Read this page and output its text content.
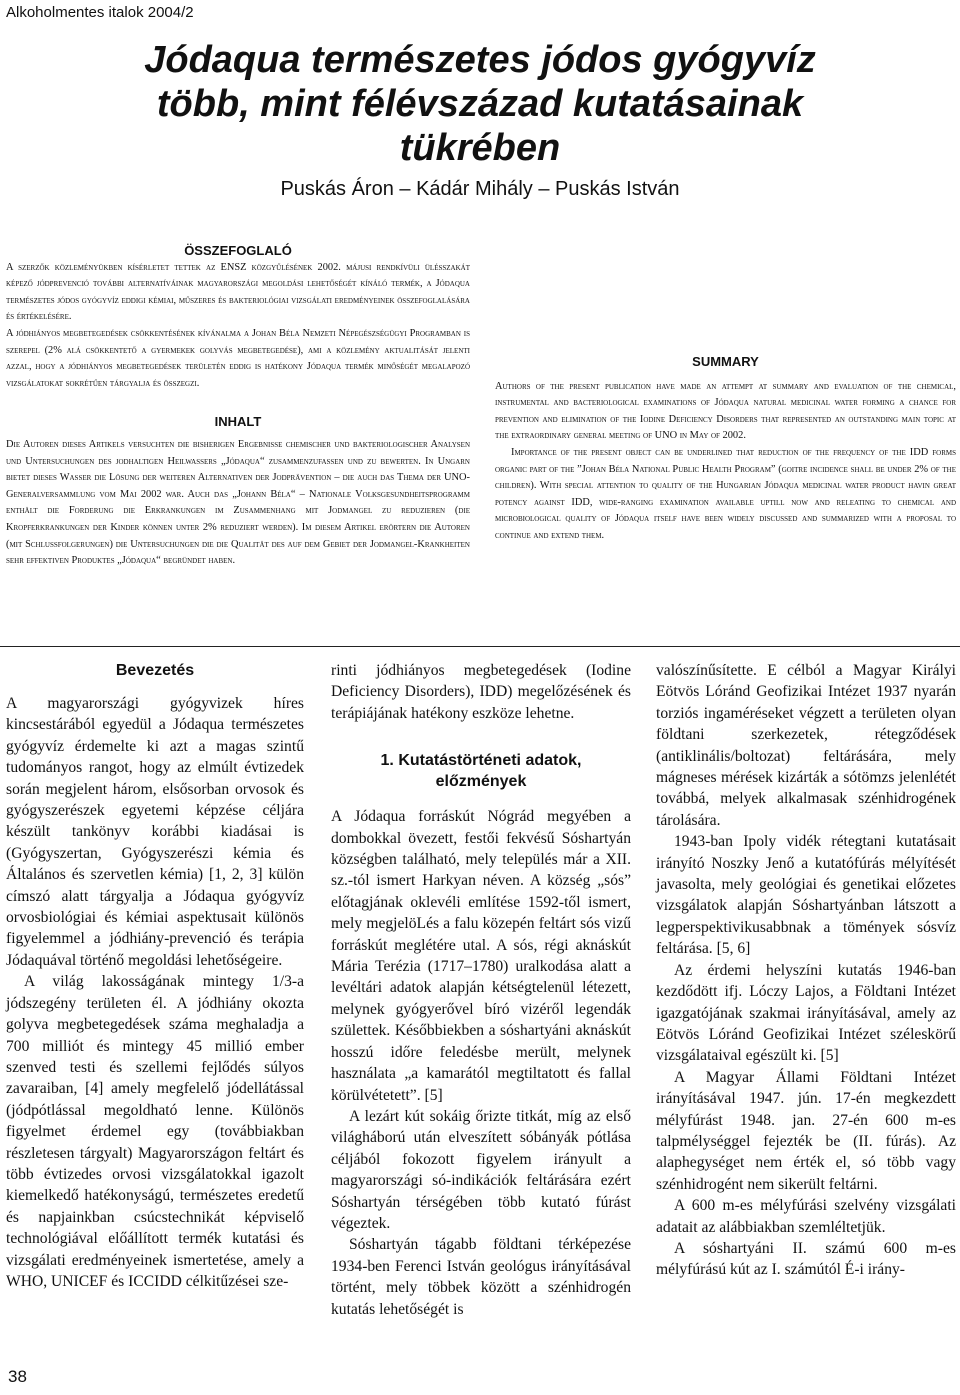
Alkoholmentes italok 2004/2
Jódaqua természetes jódos gyógyvíz
több, mint félévszázad kutatásainak
tükrében
Puskás Áron – Kádár Mihály – Puskás István
ÖSSZEFOGLALÓ

A szerzők közleményükben kísérletet tettek az ENSZ közgyűlésének 2002. májusi rendkívüli ülésszakát képező jódprevenció további alternatíváinak magyarországi megoldási lehetőségét kínáló termék, a Jódaqua természetes jódos gyógyvíz eddigi kémiai, műszeres és bakteriológiai vizsgálati eredményeinek összefoglalására és értékelésére.

A jódhiányos megbetegedések csökkentésének kívánalma a Johan Béla Nemzeti Népegészségügyi Programban is szerepel (2% alá csökkentető a gyermekek golyvás megbetegedése), ami a közlemény aktualitását jelenti azzal, hogy a jódhiányos megbetegedések területén eddig is hatékony Jódaqua termék minőségét megalapozó vizsgálatokat sokrétűen tárgyalja és összegzi.

INHALT

Die Autoren dieses Artikels versuchten die bisherigen Ergebnisse chemischer und bakteriologischer Analysen und Untersuchungen des jodhaltigen Heilwassers „Jódaqua“ zusammenzufassen und zu bewerten. In Ungarn bietet dieses Wasser die Lösung der weiteren Alternativen der Jodprävention – die auch das Thema der UNO-Generalversammlung vom Mai 2002 war. Auch das „Johann Béla“ – Nationale Volksgesundheitsprogramm enthält die Forderung die Erkrankungen im Zusammenhang mit Jodmangel zu reduzieren (die Kropferkrankungen der Kinder können unter 2% reduziert werden). Im diesem Artikel erörtern die Autoren (mit Schlussfolgerungen) die Untersuchungen die die Qualität des auf dem Gebiet der Jodmangel-Krankheiten sehr effektiven Produktes „Jódaqua“ begründet haben.

SUMMARY

Authors of the present publication have made an attempt at summary and evaluation of the chemical, instrumental and bacteriological examinations of Jódaqua natural medicinal water forming a chance for prevention and elimination of the Iodine Deficiency Disorders that represented an outstanding main topic at the extraordinary general meeting of UNO in May of 2002.

Importance of the present object can be underlined that reduction of the frequency of the IDD forms organic part of the ”Johan Béla National Public Health Program” (goitre incidence shall be under 2% of the children). With special attention to quality of the Hungarian Jódaqua medicinal water product havin great potency against IDD, wide-ranging examination available uptill now and releating to chemical and microbiological quality of Jódaqua itself have been widely discussed and summarized with a proposal to continue and extend them.

Bevezetés

A magyarországi gyógyvizek híres kincsestárából egyedül a Jódaqua természetes gyógyvíz érdemelte ki azt a magas szintű tudományos rangot, hogy az elmúlt évtizedek során megjelent három, elsősorban orvosok és gyógyszerészek egyetemi képzése céljára készült tankönyv korábbi kiadásai is (Gyógyszertan, Gyógyszerészi kémia és Általános és szervetlen kémia) [1, 2, 3] külön címszó alatt tárgyalja a Jódaqua gyógyvíz orvosbiológiai és kémiai aspektusait különös figyelemmel a jódhiány-prevenció és terápia Jódaquával történő megoldási lehetőségeire.

A világ lakosságának mintegy 1/3-a jódszegény területen él. A jódhiány okozta golyva megbetegedések száma meghaladja a 700 milliót és mintegy 45 millió ember szenved testi és szellemi fejlődés súlyos zavaraiban, [4] amely megfelelő jódellátással (jódpótlással megoldható lenne. Különös figyelmet érdemel egy (továbbiakban részletesen tárgyalt) Magyarországon feltárt és több évtizedes orvosi vizsgálatokkal igazolt kiemelkedő hatékonyságú, természetes eredetű és napjainkban csúcstechnikát képviselő technológiával előállított termék kutatási és vizsgálati eredményeinek ismertetése, amely a WHO, UNICEF és ICCIDD célkitűzései sze-

rinti jódhiányos megbetegedések (Iodine Deficiency Disorders), IDD) megelőzésének és terápiájának hatékony eszköze lehetne.

1. Kutatástörténeti adatok,
előzmények

A Jódaqua forráskút Nógrád megyében a dombokkal övezett, festői fekvésű Sóshartyán községben található, mely település már a XII. sz.-tól ismert Harkyan néven. A község „sós” előtagjának oklevéli említése 1592-től ismert, mely megjelöLés a falu közepén feltárt sós vizű forráskút meglétére utal. A sós, régi aknáskút Mária Terézia (1717–1780) uralkodása alatt a levéltári adatok alapján kétségtelenül létezett, melynek gyógyerővel bíró vizéről legendák születtek. Későbbiekben a sóshartyáni aknáskút hosszú időre feledésbe merült, melynek használata „a kamarától megtiltatott és fallal körülvétetett”. [5]

A lezárt kút sokáig őrizte titkát, míg az első világháború után elveszített sóbányák pótlása céljából fokozott figyelem irányult a magyarországi só-indikációk feltárására ezért Sóshartyán térségében több kutató fúrást végeztek.

Sóshartyán tágabb földtani térképezése 1934-ben Ferenci István geológus irányításával történt, mely többek között a szénhidrogén kutatás lehetőségét is

valószínűsítette. E célból a Magyar Királyi Eötvös Lóránd Geofizikai Intézet 1937 nyarán torziós ingaméréseket végzett a területen olyan földtani szerkezetek, rétegződések (antiklinális/boltozat) feltárására, mely mágneses mérések kizárták a sótömzs jelenlétét továbbá, melyek alkalmasak szénhidrogének tárolására.

1943-ban Ipoly vidék rétegtani kutatásait irányító Noszky Jenő a kutatófúrás mélyítését javasolta, mely geológiai és genetikai előzetes vizsgálatok alapján Sóshartyánban látszott a legperspektivikusabbnak a tömények sósvíz feltárása. [5, 6]

Az érdemi helyszíni kutatás 1946-ban kezdődött ifj. Lóczy Lajos, a Földtani Intézet igazgatójának szakmai irányításával, amely az Eötvös Lóránd Geofizikai Intézet széleskörű vizsgálataival egészült ki. [5]

A Magyar Állami Földtani Intézet irányításával 1947. jún. 17-én megkezdett mélyfúrást 1948. jan. 27-én 600 m-es talpmélységgel fejezték be (II. fúrás). Az alaphegységet nem érték el, só több vagy szénhidrogént nem sikerült feltárni.

A 600 m-es mélyfúrási szelvény vizsgálati adatait az alábbiakban szemléltetjük.

A sóshartyáni II. számú 600 m-es mélyfúrású kút az I. számútól É-i irány-

38
